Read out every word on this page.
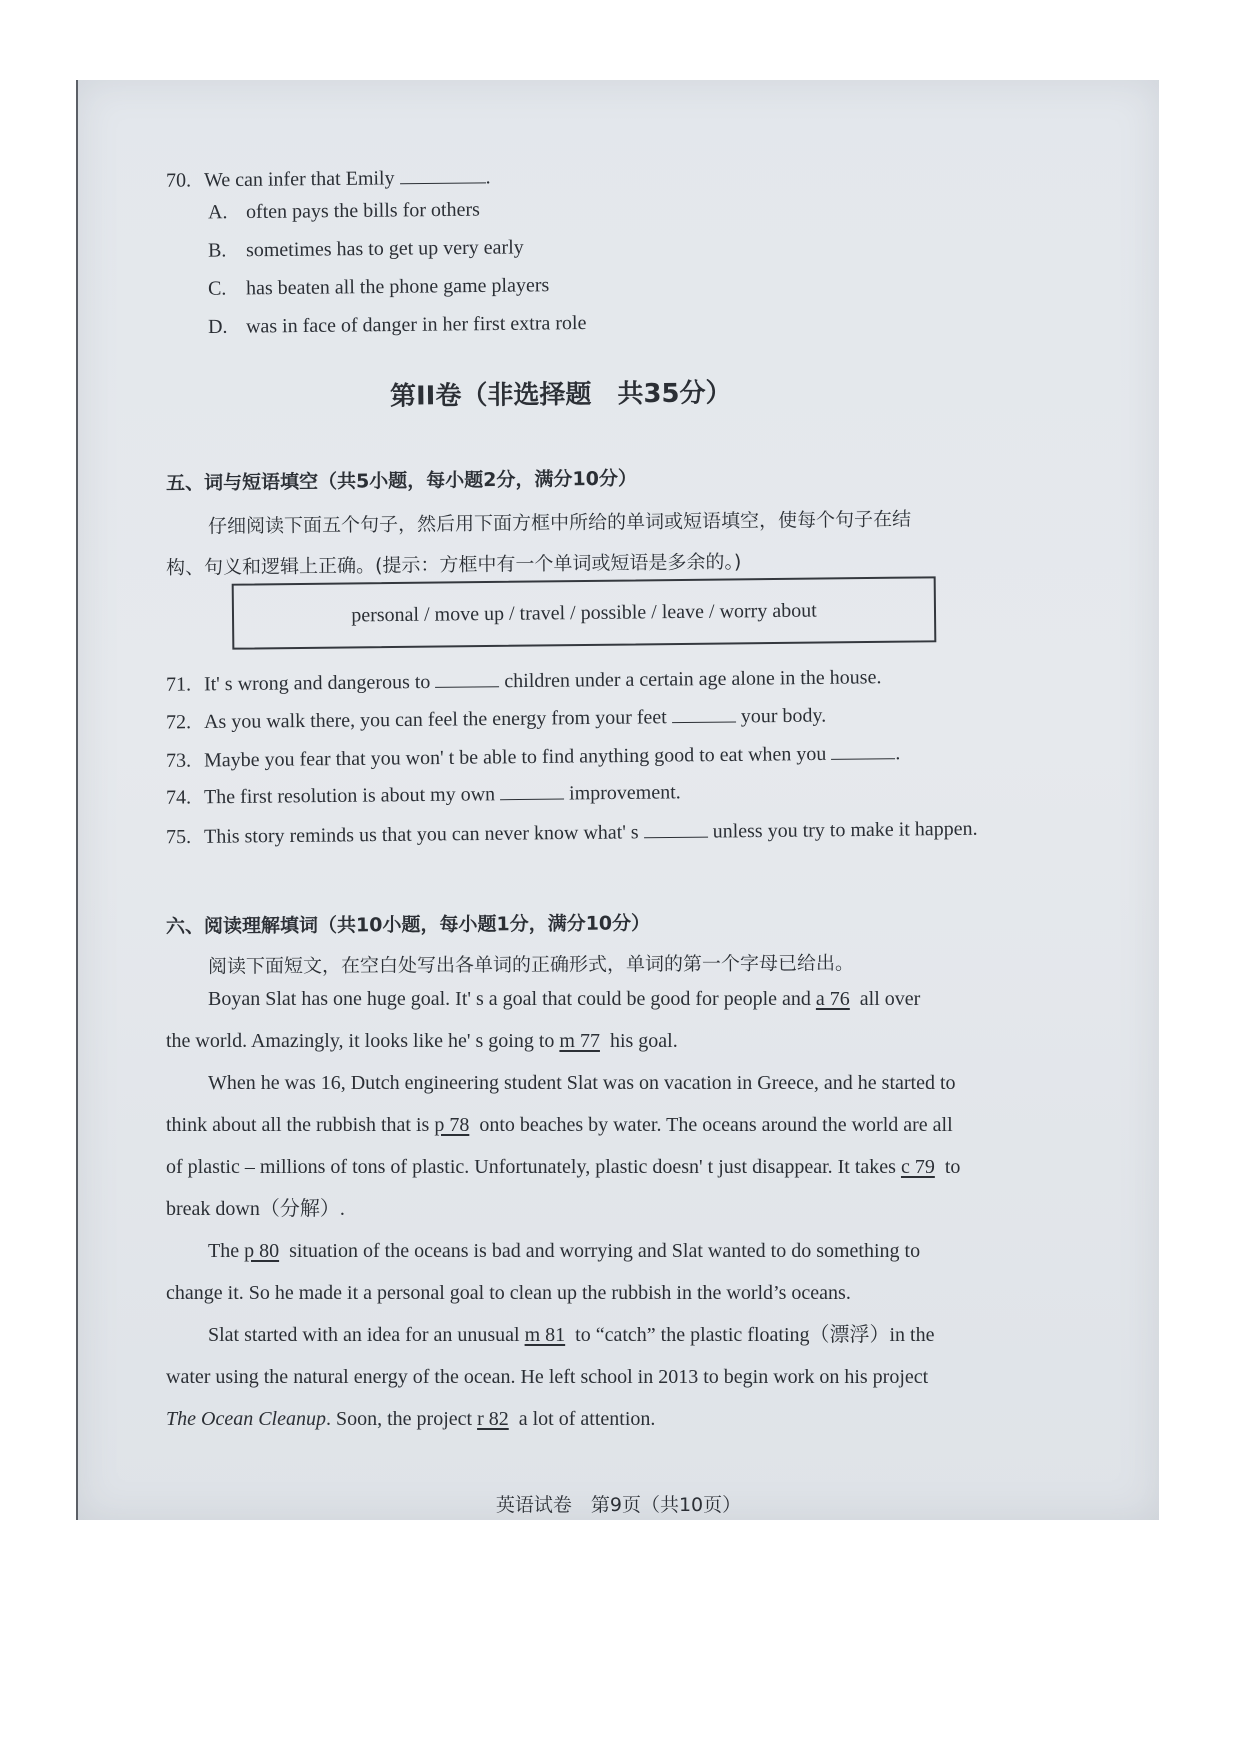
70. We can infer that Emily	.
A. often pays the bills for others
B. sometimes has to get up very early
C. has beaten all the phone game players
D. was in face of danger in her first extra role
第II卷（非选择题　共35分）
五、词与短语填空（共5小题，每小题2分，满分10分）
仔细阅读下面五个句子，然后用下面方框中所给的单词或短语填空，使每个句子在结
构、句义和逻辑上正确。(提示：方框中有一个单词或短语是多余的。)
personal / move up / travel / possible / leave / worry about
71. It' s wrong and dangerous to	children under a certain age alone in the house.
72. As you walk there, you can feel the energy from your feet	your body.
73. Maybe you fear that you won' t be able to find anything good to eat when you	.
74. The first resolution is about my own	improvement.
75. This story reminds us that you can never know what' s	unless you try to make it happen.
六、阅读理解填词（共10小题，每小题1分，满分10分）
阅读下面短文，在空白处写出各单词的正确形式，单词的第一个字母已给出。
Boyan Slat has one huge goal. It' s a goal that could be good for people and a 76 all over
the world. Amazingly, it looks like he' s going to m 77 his goal.
When he was 16, Dutch engineering student Slat was on vacation in Greece, and he started to
think about all the rubbish that is p 78 onto beaches by water. The oceans around the world are all
of plastic – millions of tons of plastic. Unfortunately, plastic doesn' t just disappear. It takes c 79 to
break down（分解）.
The p 80 situation of the oceans is bad and worrying and Slat wanted to do something to
change it. So he made it a personal goal to clean up the rubbish in the world’s oceans.
Slat started with an idea for an unusual m 81 to “catch” the plastic floating（漂浮）in the
water using the natural energy of the ocean. He left school in 2013 to begin work on his project
The Ocean Cleanup. Soon, the project r 82 a lot of attention.
英语试卷　第9页（共10页）
